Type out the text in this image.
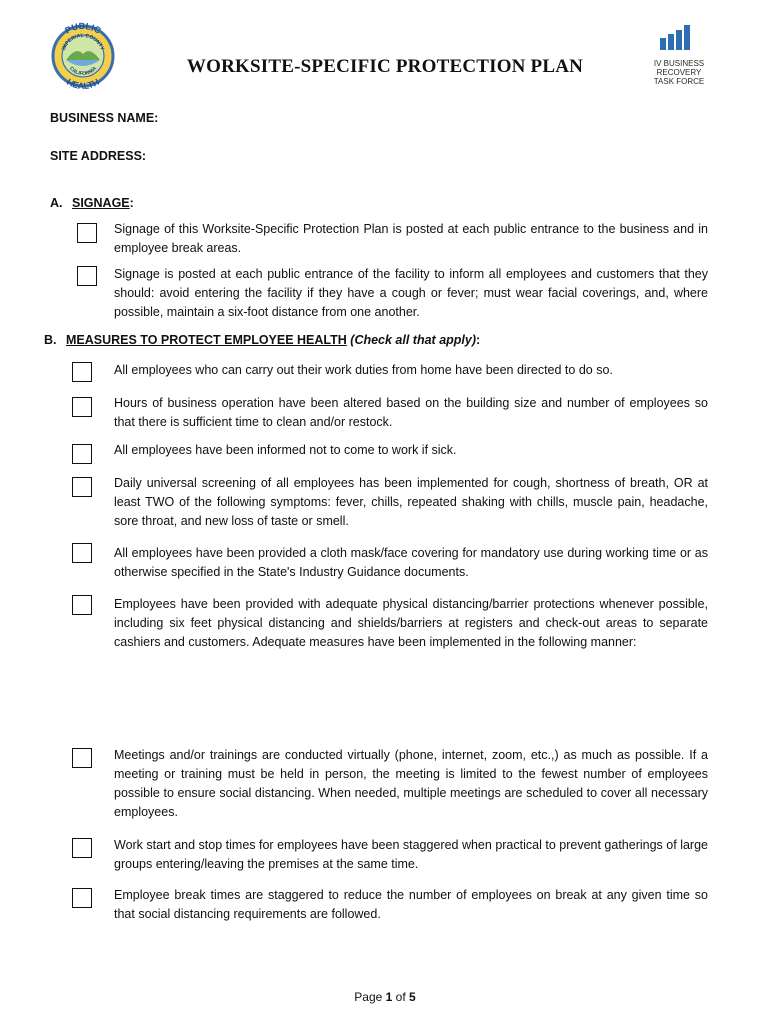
PUBLIC
IMPERIAL COUNTY
CALIFORNIA
HEALTH
WORKSITE-SPECIFIC PROTECTION PLAN	IV BUSINESS
RECOVERY
TASK FORCE
BUSINESS NAME:
SITE ADDRESS:
A. SIGNAGE:
Signage of this Worksite-Specific Protection Plan is posted at each public entrance to the business and in employee break areas.
Signage is posted at each public entrance of the facility to inform all employees and customers that they should: avoid entering the facility if they have a cough or fever; must wear facial coverings, and, where possible, maintain a six-foot distance from one another.
B. MEASURES TO PROTECT EMPLOYEE HEALTH (Check all that apply):
All employees who can carry out their work duties from home have been directed to do so.
Hours of business operation have been altered based on the building size and number of employees so that there is sufficient time to clean and/or restock.
All employees have been informed not to come to work if sick.
Daily universal screening of all employees has been implemented for cough, shortness of breath, OR at least TWO of the following symptoms: fever, chills, repeated shaking with chills, muscle pain, headache, sore throat, and new loss of taste or smell.
All employees have been provided a cloth mask/face covering for mandatory use during working time or as otherwise specified in the State's Industry Guidance documents.
Employees have been provided with adequate physical distancing/barrier protections whenever possible, including six feet physical distancing and shields/barriers at registers and check-out areas to separate cashiers and customers. Adequate measures have been implemented in the following manner:
Meetings and/or trainings are conducted virtually (phone, internet, zoom, etc.,) as much as possible. If a meeting or training must be held in person, the meeting is limited to the fewest number of employees possible to ensure social distancing. When needed, multiple meetings are scheduled to cover all necessary employees.
Work start and stop times for employees have been staggered when practical to prevent gatherings of large groups entering/leaving the premises at the same time.
Employee break times are staggered to reduce the number of employees on break at any given time so that social distancing requirements are followed.
Page 1 of 5
